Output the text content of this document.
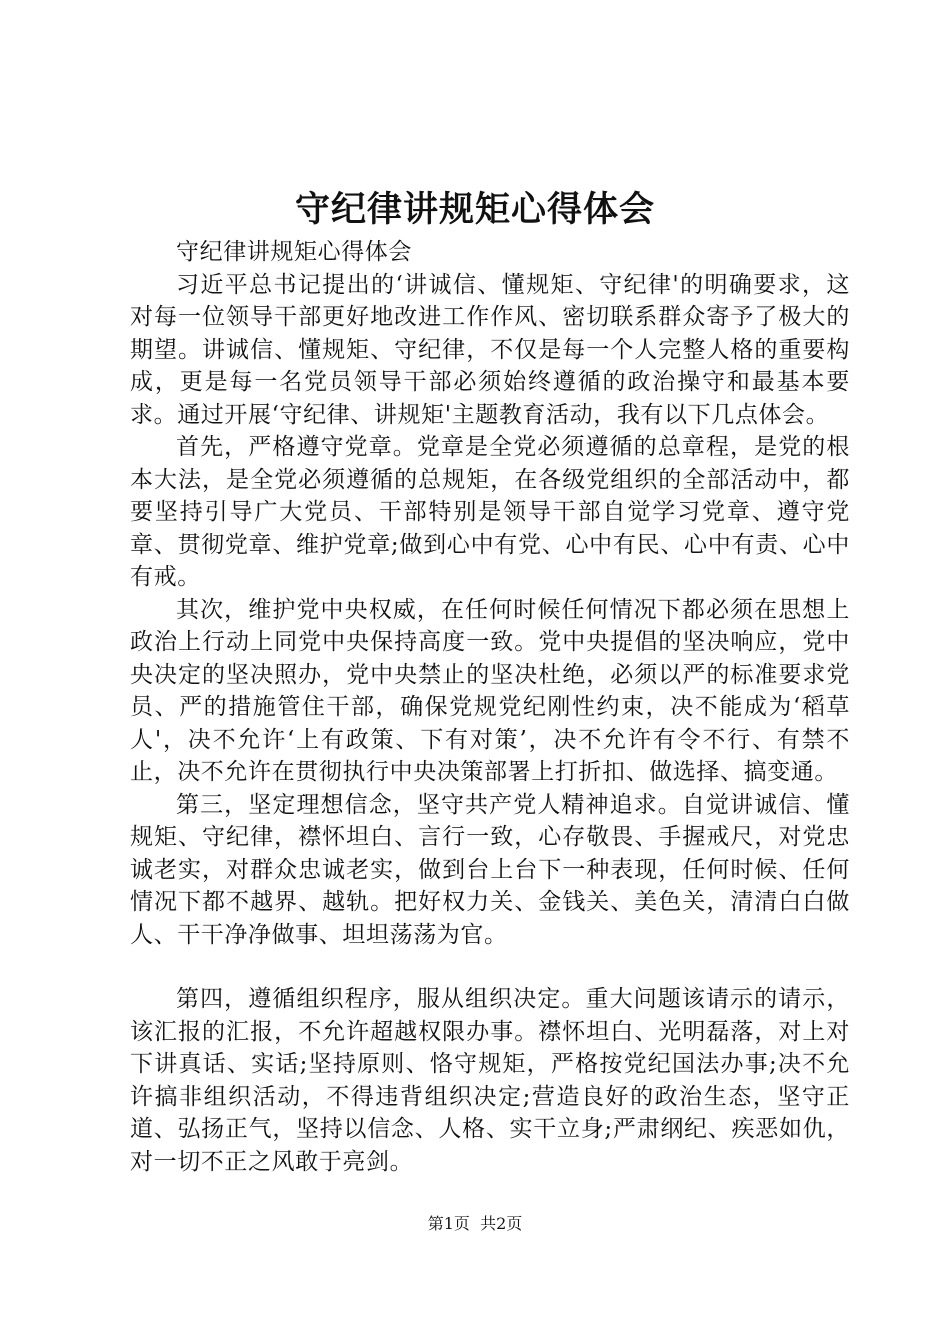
守纪律讲规矩心得体会

守纪律讲规矩心得体会

习近平总书记提出的‘讲诚信、懂规矩、守纪律'的明确要求，这对每一位领导干部更好地改进工作作风、密切联系群众寄予了极大的期望。讲诚信、懂规矩、守纪律，不仅是每一个人完整人格的重要构成，更是每一名党员领导干部必须始终遵循的政治操守和最基本要求。通过开展‘守纪律、讲规矩'主题教育活动，我有以下几点体会。

首先，严格遵守党章。党章是全党必须遵循的总章程，是党的根本大法，是全党必须遵循的总规矩，在各级党组织的全部活动中，都要坚持引导广大党员、干部特别是领导干部自觉学习党章、遵守党章、贯彻党章、维护党章;做到心中有党、心中有民、心中有责、心中有戒。

其次，维护党中央权威，在任何时候任何情况下都必须在思想上政治上行动上同党中央保持高度一致。党中央提倡的坚决响应，党中央决定的坚决照办，党中央禁止的坚决杜绝，必须以严的标准要求党员、严的措施管住干部，确保党规党纪刚性约束，决不能成为‘稻草人'，决不允许‘上有政策、下有对策’，决不允许有令不行、有禁不止，决不允许在贯彻执行中央决策部署上打折扣、做选择、搞变通。

第三，坚定理想信念，坚守共产党人精神追求。自觉讲诚信、懂规矩、守纪律，襟怀坦白、言行一致，心存敬畏、手握戒尺，对党忠诚老实，对群众忠诚老实，做到台上台下一种表现，任何时候、任何情况下都不越界、越轨。把好权力关、金钱关、美色关，清清白白做人、干干净净做事、坦坦荡荡为官。

第四，遵循组织程序，服从组织决定。重大问题该请示的请示，该汇报的汇报，不允许超越权限办事。襟怀坦白、光明磊落，对上对下讲真话、实话;坚持原则、恪守规矩，严格按党纪国法办事;决不允许搞非组织活动，不得违背组织决定;营造良好的政治生态，坚守正道、弘扬正气，坚持以信念、人格、实干立身;严肃纲纪、疾恶如仇，对一切不正之风敢于亮剑。

第1页  共2页
